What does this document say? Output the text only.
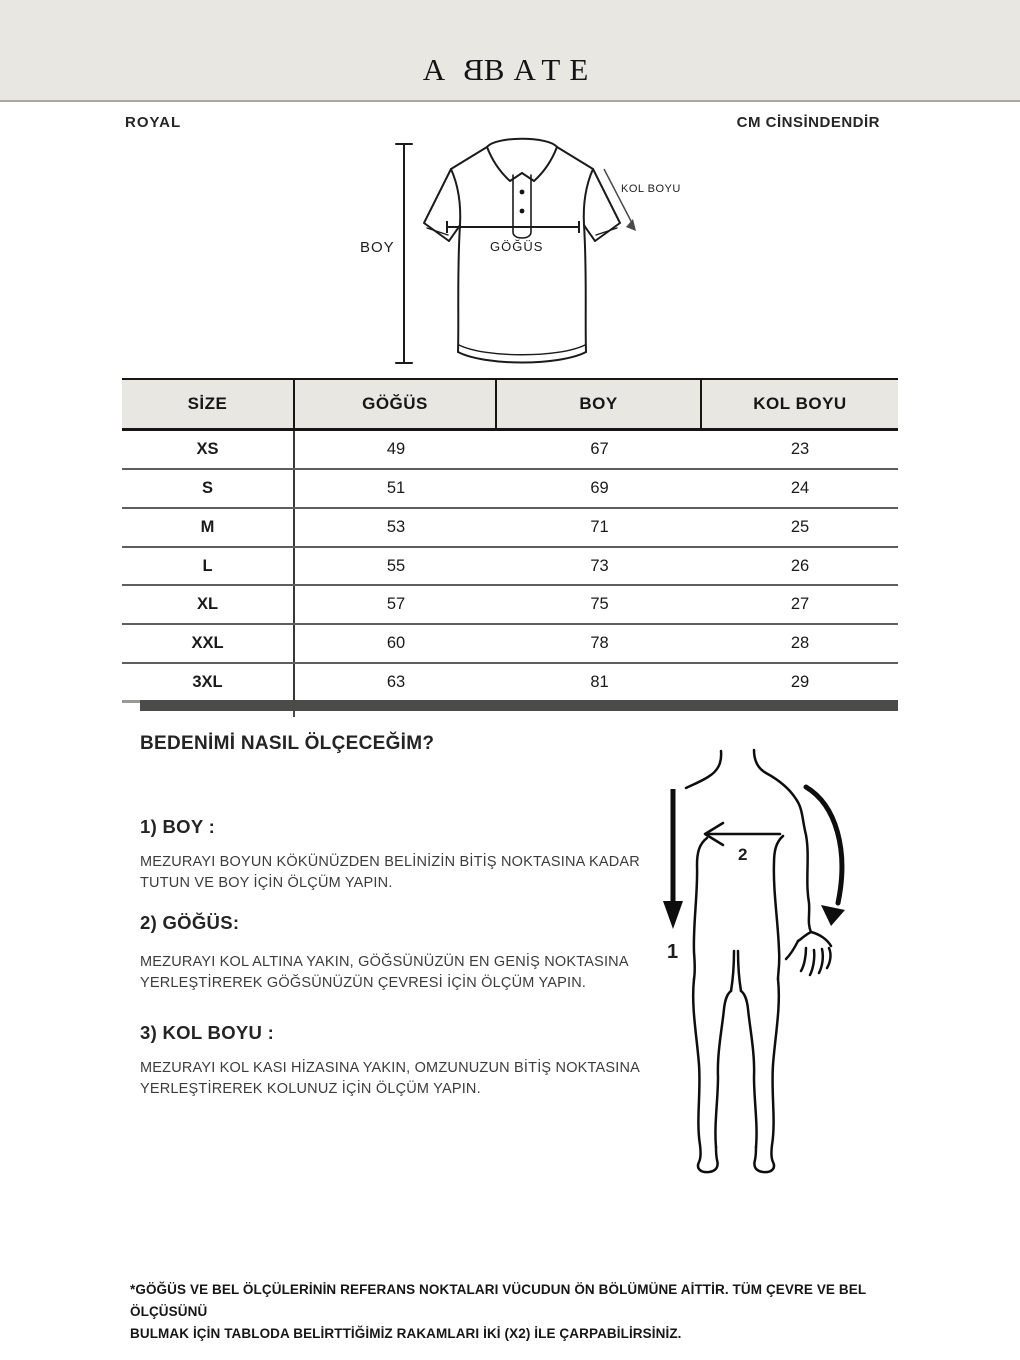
ABBATE
ROYAL	CM CİNSİNDENDİR
BOY	GÖĞÜS
KOL BOYU
SİZE	GÖĞÜS	BOY	KOL BOYU
XS	49	67	23
S	51	69	24
M	53	71	25
L	55	73	26
XL	57	75	27
XXL	60	78	28
3XL	63	81	29
BEDENİMİ NASIL ÖLÇECEĞİM?
1) BOY :
MEZURAYI BOYUN KÖKÜNÜZDEN BELİNİZİN BİTİŞ NOKTASINA KADAR TUTUN VE BOY İÇİN ÖLÇÜM YAPIN.
2) GÖĞÜS:
MEZURAYI KOL ALTINA YAKIN, GÖĞSÜNÜZÜN EN GENİŞ NOKTASINA YERLEŞTİREREK GÖĞSÜNÜZÜN ÇEVRESİ İÇİN ÖLÇÜM YAPIN.
3) KOL BOYU :
MEZURAYI KOL KASI HİZASINA YAKIN, OMZUNUZUN BİTİŞ NOKTASINA YERLEŞTİREREK KOLUNUZ İÇİN ÖLÇÜM YAPIN.
1
2
*GÖĞÜS VE BEL ÖLÇÜLERİNİN REFERANS NOKTALARI VÜCUDUN ÖN BÖLÜMÜNE AİTTİR. TÜM ÇEVRE VE BEL ÖLÇÜSÜNÜ
BULMAK İÇİN TABLODA BELİRTTİĞİMİZ RAKAMLARI İKİ (X2) İLE ÇARPABİLİRSİNİZ.
